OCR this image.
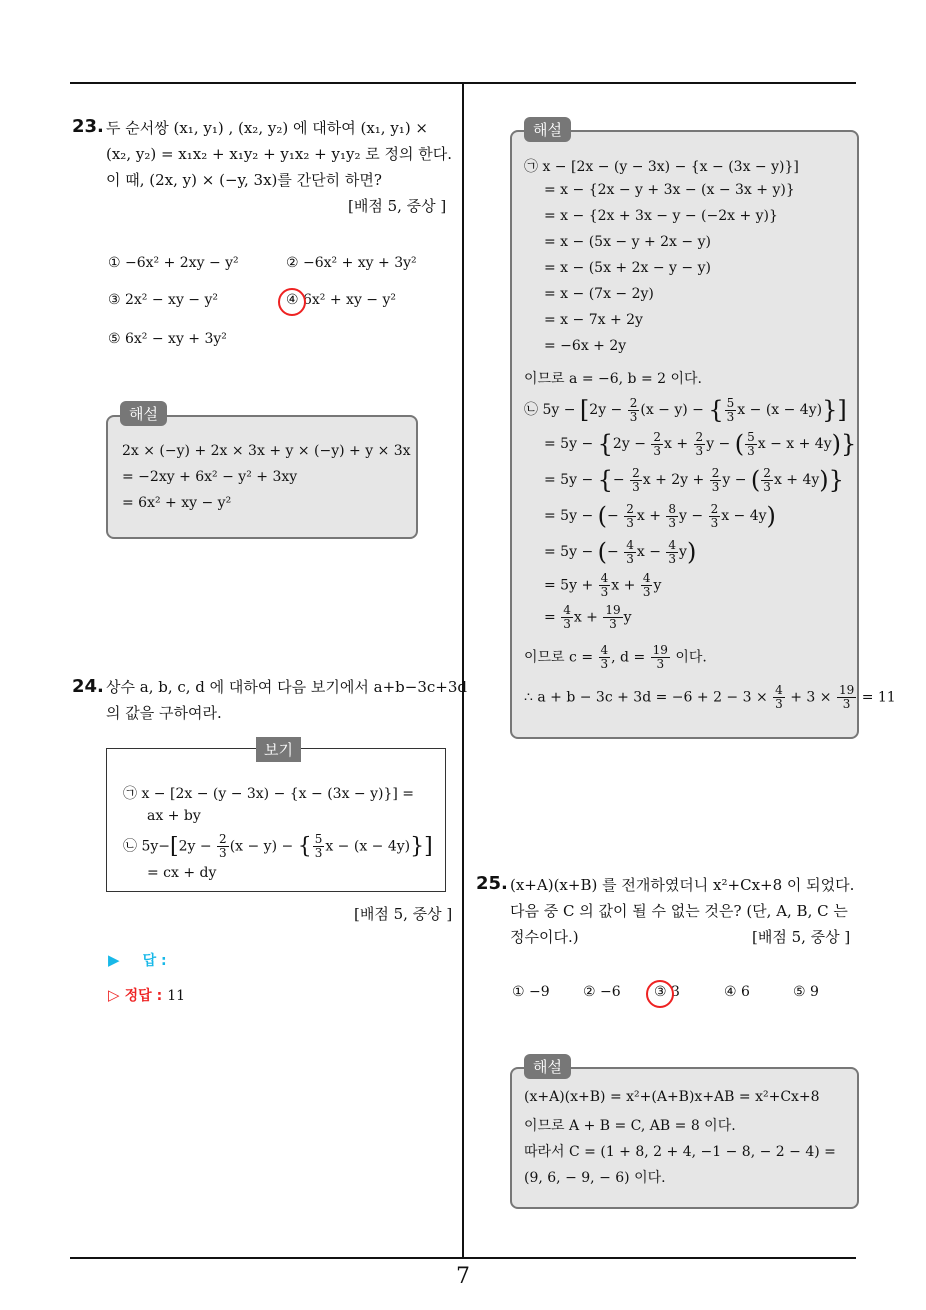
7
23. 두 순서쌍 (x₁, y₁) , (x₂, y₂) 에 대하여 (x₁, y₁) ×
(x₂, y₂) = x₁x₂ + x₁y₂ + y₁x₂ + y₁y₂ 로 정의 한다.
이 때, (2x, y) × (−y, 3x)를 간단히 하면?
[배점 5, 중상 ]
① −6x² + 2xy − y²	② −6x² + xy + 3y²
③ 2x² − xy − y²	④ 6x² + xy − y²
⑤ 6x² − xy + 3y²
2x × (−y) + 2x × 3x + y × (−y) + y × 3x
= −2xy + 6x² − y² + 3xy
= 6x² + xy − y²
해설
24. 상수 a, b, c, d 에 대하여 다음 보기에서 a+b−3c+3d
의 값을 구하여라.
㉠ x − [2x − (y − 3x) − {x − (3x − y)}] =
ax + by
㉡ $5y-[2y - \frac{2}{3} (x - y)$ − { $\frac{5}{3}$ x − (x − 4y)}]
= cx + dy
보기
[배점 5, 중상 ]
▶ 답 :
▷ 정답 : 11
㉠ x − [2x − (y − 3x) − {x − (3x − y)}]
= x − {2x − y + 3x − (x − 3x + y)}
= x − {2x + 3x − y − (−2x + y)}
= x − (5x − y + 2x − y)
= x − (5x + 2x − y − y)
= x − (7x − 2y)
= x − 7x + 2y
= −6x + 2y
이므로 a = −6, b = 2 이다.
㉡ $5y - [2y - \frac{2}{3} (x - y)$ − { $\frac{5}{3}$ x − (x − 4y)}]
= $5y - \{2y - \frac{2}{3}$ $x + \frac{2}{3}$ y − ( $\frac{5}{3}$ x − x + 4y)}
= 5y − {− $\frac{2}{3}$ $x + 2y + \frac{2}{3}$ y − ( $\frac{2}{3}$ x + 4y)}
= 5y − (− $\frac{2}{3}$ $x + \frac{8}{3}$ $y - \frac{2}{3}$ x − 4y)
= 5y − (− $\frac{4}{3}$ $x - \frac{4}{3} y$)
= $5y + \frac{4}{3}$ $x + \frac{4}{3}$ y
= $\frac{4}{3}$ $x + \frac{19}{3}$ y
이므로 $c = \frac{4}{3}$ , $d = \frac{19}{3}$ 이다.
∴ $a + b - 3c + 3d = -6 + 2 - 3 \times \frac{4}{3} + 3 \times \frac{19}{3} = 11$
해설
25. (x+A)(x+B) 를 전개하였더니 x²+Cx+8 이 되었다.
다음 중 C 의 값이 될 수 없는 것은? (단, A, B, C 는
정수이다.)	[배점 5, 중상 ]
① −9 ② −6 ③ 3	④ 6	⑤ 9
(x+A)(x+B) = x²+(A+B)x+AB = x²+Cx+8
이므로 A + B = C, AB = 8 이다.
따라서 C = (1 + 8, 2 + 4, −1 − 8, − 2 − 4) =
(9, 6, − 9, − 6) 이다.
해설
